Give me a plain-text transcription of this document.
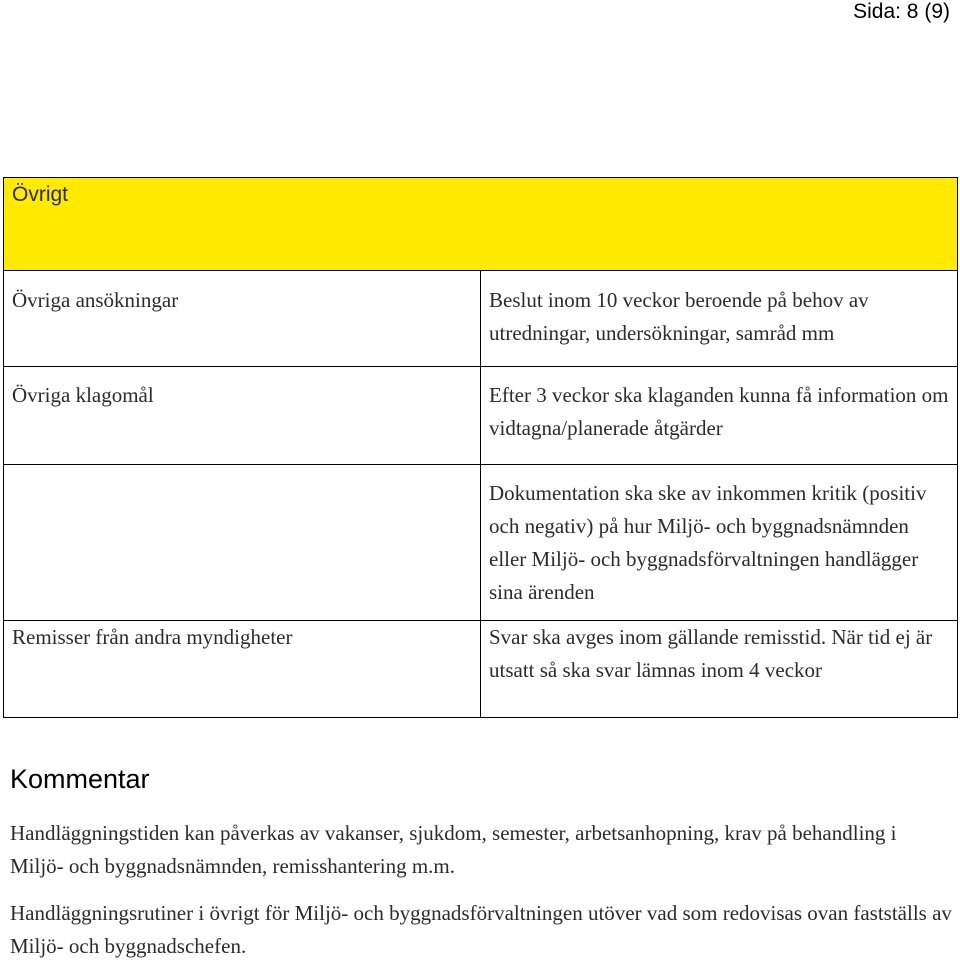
Sida: 8 (9)
Övrigt	
Övriga ansökningar	Beslut inom 10 veckor beroende på behov av utredningar, undersökningar, samråd mm
Övriga klagomål	Efter 3 veckor ska klaganden kunna få information om vidtagna/planerade åtgärder
	Dokumentation ska ske av inkommen kritik (positiv och negativ) på hur Miljö- och byggnadsnämnden eller Miljö- och byggnadsförvaltningen handlägger sina ärenden
Remisser från andra myndigheter	Svar ska avges inom gällande remisstid. När tid ej är utsatt så ska svar lämnas inom 4 veckor
Kommentar

Handläggningstiden kan påverkas av vakanser, sjukdom, semester, arbetsanhopning, krav på behandling i Miljö- och byggnadsnämnden, remisshantering m.m.

Handläggningsrutiner i övrigt för Miljö- och byggnadsförvaltningen utöver vad som redovisas ovan fastställs av Miljö- och byggnadschefen.
